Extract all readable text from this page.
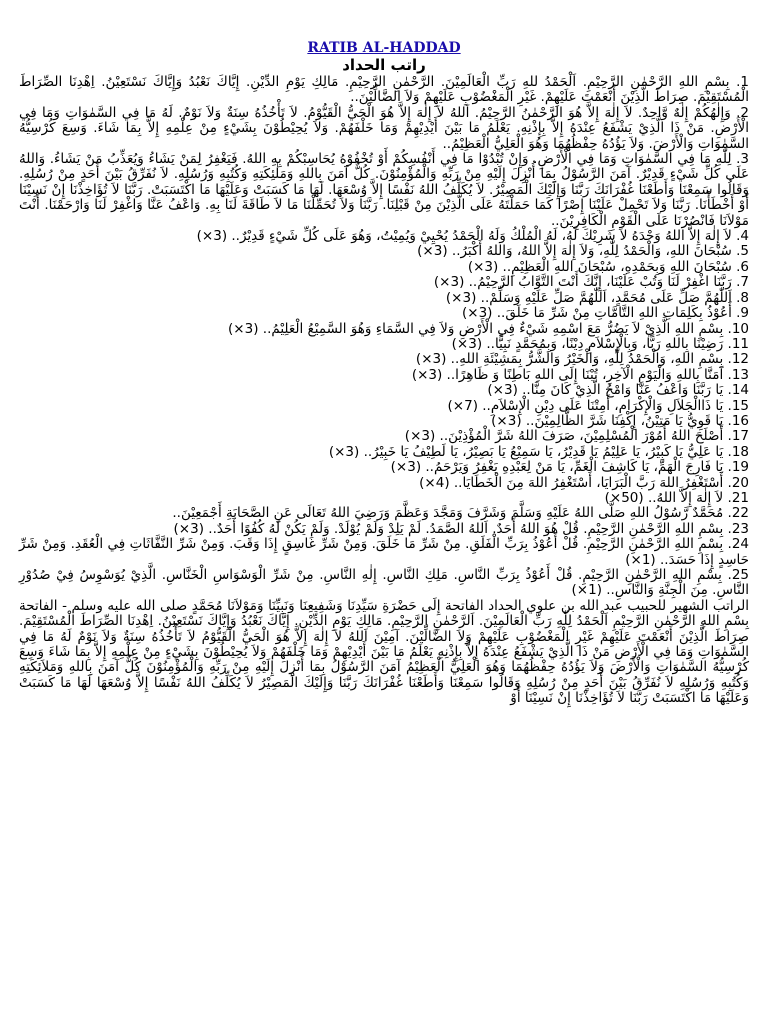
RATIB AL-HADDAD
راتب الحداد

1. بِسْمِ اللهِ الرَّحْمٰنِ الرَّحِيْمِ. اَلْحَمْدُ للهِ رَبِّ الْعَالَمِيْنَ. الرَّحْمٰنِ الرَّحِيْمِ. مَالِكِ يَوْمِ الدِّيْنِ. إِيَّاكَ نَعْبُدُ وَإِيَّاكَ نَسْتَعِيْنُ. اِهْدِنَا الصِّرَاطَ الْمُسْتَقِيْمَ. صِرَاطَ الَّذِيْنَ أَنْعَمْتَ عَلَيْهِمْ. غَيْرِ الْمَغْضُوْبِ عَلَيْهِمْ وَلاَ الضَّالِّيْنَ..

2. وَإِلٰهُكُمْ إِلٰهٌ وَّاحِدٌ. لاَ إِلٰهَ إِلاَّ هُوَ الرَّحْمٰنُ الرَّحِيْمُ. اَللهُ لاَ إِلٰهَ إِلاَّ هُوَ الْحَيُّ الْقَيُّوْمُ. لاَ تَأْخُذُهُ سِنَةٌ وَلاَ نَوْمٌ. لَهُ مَا فِي السَّمٰوَاتِ وَمَا فِي الْأَرْضِ. مَنْ ذَا الَّذِيْ يَشْفَعُ عِنْدَهُ إِلاَّ بِإِذْنِهِ. يَعْلَمُ مَا بَيْنَ أَيْدِيْهِمْ وَمَا خَلْفَهُمْ. وَلاَ يُحِيْطُوْنَ بِشَيْءٍ مِنْ عِلْمِهِ إِلاَّ بِمَا شَاءَ. وَسِعَ كُرْسِيُّهُ السَّمٰوَاتِ وَالْأَرْضَ. وَلاَ يَؤُدُهُ حِفْظُهُمَا وَهُوَ الْعَلِيُّ الْعَظِيْمُ..

3. لِلّٰهِ مَا فِي السَّمٰوَاتِ وَمَا فِي الْأَرْضِ. وَإِنْ تُبْدُوْا مَا فِي أَنْفُسِكُمْ أَوْ تُخْفُوْهُ يُحَاسِبْكُمْ بِهِ اللهُ. فَيَغْفِرُ لِمَنْ يَشَاءُ وَيُعَذِّبُ مَنْ يَشَاءُ. وَاللهُ عَلَى كُلِّ شَيْءٍ قَدِيْرٌ. آمَنَ الرَّسُوْلُ بِمَا أُنْزِلَ إِلَيْهِ مِنْ رَبِّهِ وَالْمُؤْمِنُوْنَ. كُلٌّ آمَنَ بِاللهِ وَمَلٰئِكَتِهِ وَكُتُبِهِ وَرُسُلِهِ. لاَ نُفَرِّقُ بَيْنَ أَحَدٍ مِنْ رُسُلِهِ. وَقَالُوا سَمِعْنَا وَأَطَعْنَا غُفْرَانَكَ رَبَّنَا وَإِلَيْكَ الْمَصِيْرُ. لاَ يُكَلِّفُ اللهُ نَفْسًا إِلاَّ وُسْعَهَا. لَهَا مَا كَسَبَتْ وَعَلَيْهَا مَا اكْتَسَبَتْ. رَبَّنَا لاَ تُؤَاخِذْنَا إِنْ نَسِيْنَا أَوْ أَخْطَأْنَا. رَبَّنَا وَلاَ تَحْمِلْ عَلَيْنَا إِصْرًا كَمَا حَمَلْتَهُ عَلَى الَّذِيْنَ مِنْ قَبْلِنَا. رَبَّنَا وَلاَ تُحَمِّلْنَا مَا لاَ طَاقَةَ لَنَا بِهِ. وَاعْفُ عَنَّا وَاغْفِرْ لَنَا وَارْحَمْنَا. أَنْتَ مَوْلاَنَا فَانْصُرْنَا عَلَى الْقَوْمِ الْكَافِرِيْنَ..

4. لاَ إِلٰهَ إِلاَّ اللهُ وَحْدَهُ لاَ شَرِيْكَ لَهُ، لَهُ الْمُلْكُ وَلَهُ الْحَمْدُ يُحْيِيْ وَيُمِيْتُ، وَهُوَ عَلَى كُلِّ شَيْءٍ قَدِيْرٌ.. (3×)

5. سُبْحَانَ اللهِ، وَالْحَمْدُ لِلّٰهِ، وَلاَ إِلٰهَ إِلاَّ اللهُ، وَاللهُ أَكْبَرُ.. (3×)

6. سُبْحَانَ اللهِ وَبِحَمْدِهِ، سُبْحَانَ اللهِ الْعَظِيْمِ.. (3×)

7. رَبَّنَا اغْفِرْ لَنَا وَتُبْ عَلَيْنَا، إِنَّكَ أَنْتَ التَّوَّابُ الرَّحِيْمُ.. (3×)

8. اَللّٰهُمَّ صَلِّ عَلَى مُحَمَّدٍ، اَللّٰهُمَّ صَلِّ عَلَيْهِ وَسَلِّمْ.. (3×)

9. أَعُوْذُ بِكَلِمَاتِ اللهِ التَّامَّاتِ مِنْ شَرِّ مَا خَلَقَ.. (3×)

10. بِسْمِ اللهِ الَّذِيْ لاَ يَضُرُّ مَعَ اسْمِهِ شَيْءٌ فِي الْأَرْضِ وَلاَ فِي السَّمَاءِ وَهُوَ السَّمِيْعُ الْعَلِيْمُ.. (3×)

11. رَضِيْنَا بِاللهِ رَبًّا، وَبِالْإِسْلاَمِ دِيْنًا، وَبِمُحَمَّدٍ نَبِيًّا.. (3×)

12. بِسْمِ اللهِ، وَالْحَمْدُ لِلّٰهِ، وَالْخَيْرُ وَالشَّرُّ بِمَشِيْئَةِ اللهِ.. (3×)

13. آمَنَّا بِاللهِ وَالْيَوْمِ الْآخِرِ، تُبْنَا إِلَى اللهِ بَاطِنًا وَ ظَاهِرًا.. (3×)

14. يَا رَبَّنَا وَاعْفُ عَنَّا وَامْحُ الَّذِيْ كَانَ مِنَّا.. (3×)

15. يَا ذَاالْجَلاَلِ وَالْإِكْرَامِ، أَمِتْنَا عَلَى دِيْنِ الْإِسْلاَمِ.. (7×)

16. يَا قَوِيُّ يَا مَتِيْنُ، إِكْفِنَا شَرَّ الظَّالِمِيْنَ.. (3×)

17. أَصْلَحَ اللهُ أُمُوْرَ الْمُسْلِمِيْنَ، صَرَفَ اللهُ شَرَّ الْمُؤْذِيْنَ.. (3×)

18. يَا عَلِيُّ يَا كَبِيْرُ، يَا عَلِيْمُ يَا قَدِيْرُ، يَا سَمِيْعُ يَا بَصِيْرُ، يَا لَطِيْفُ يَا خَبِيْرُ.. (3×)

19. يَا فَارِجَ الْهَمِّ، يَا كَاشِفَ الْغَمِّ، يَا مَنْ لِعَبْدِهِ يَغْفِرُ وَيَرْحَمُ.. (3×)

20. أَسْتَغْفِرُ اللهَ رَبَّ الْبَرَايَا، أَسْتَغْفِرُ اللهَ مِنَ الْخَطَايَا.. (4×)

21. لاَ إِلٰهَ إِلاَّ اللهُ.. (50×)

22. مُحَمَّدٌ رَّسُوْلُ اللهِ صَلَّى اللهُ عَلَيْهِ وَسَلَّمَ وَشَرَّفَ وَمَجَّدَ وَعَظَّمَ وَرَضِيَ اللهُ تَعَالَى عَنِ الصَّحَابَةِ أَجْمَعِيْنَ..

23. بِسْمِ اللهِ الرَّحْمٰنِ الرَّحِيْمِ. قُلْ هُوَ اللهُ أَحَدٌ. اَللهُ الصَّمَدُ. لَمْ يَلِدْ وَلَمْ يُوْلَدْ. وَلَمْ يَكُنْ لَهُ كُفُوًا أَحَدٌ.. (3×)

24. بِسْمِ اللهِ الرَّحْمٰنِ الرَّحِيْمِ. قُلْ أَعُوْذُ بِرَبِّ الْفَلَقِ. مِنْ شَرِّ مَا خَلَقَ. وَمِنْ شَرِّ غَاسِقٍ إِذَا وَقَبَ. وَمِنْ شَرِّ النَّفَّاثَاتِ فِي الْعُقَدِ. وَمِنْ شَرِّ حَاسِدٍ إِذَا حَسَدَ.. (1×)

25. بِسْمِ اللهِ الرَّحْمٰنِ الرَّحِيْمِ. قُلْ أَعُوْذُ بِرَبِّ النَّاسِ. مَلِكِ النَّاسِ. إِلٰهِ النَّاسِ. مِنْ شَرِّ الْوَسْوَاسِ الْخَنَّاسِ. الَّذِيْ يُوَسْوِسُ فِيْ صُدُوْرِ النَّاسِ. مِنَ الْجِنَّةِ وَالنَّاسِ.. (1×)

الراتب الشهير للحبيب عبد الله بن علوي الحداد الفاتحة إِلَى حَضْرَةِ سَيِّدِنَا وَشَفِيعِنَا وَنَبِيِّنَا وَمَوْلاَنَا مُحَمَّدٍ صلى الله عليه وسلم - الفاتحة بِسْمِ اللهِ الرَّحْمٰنِ الرَّحِيْمِ اَلْحَمْدُ لِلّٰهِ رَبِّ الْعَالَمِيْنَ. اَلرَّحْمٰنِ الرَّحِيْمِ. مَالِكِ يَوْمِ الدِّيْنِ. إِيَّاكَ نَعْبُدُ وَإِيَّاكَ نَسْتَعِيْنُ. اِهْدِنَا الصِّرَاطَ الْمُسْتَقِيْمَ. صِرَاطَ الَّذِيْنَ أَنْعَمْتَ عَلَيْهِمْ غَيْرِ الْمَغْضُوْبِ عَلَيْهِمْ وَلاَ الضَّالِّيْنَ. آمِيْنَ اَللهُ لاَ إِلٰهَ إِلاَّ هُوَ الْحَيُّ الْقَيُّوْمُ لاَ تَأْخُذُهُ سِنَةٌ وَلاَ نَوْمٌ لَهُ مَا فِي السَّمٰوَاتِ وَمَا فِي الْأَرْضِ مَنْ ذَا الَّذِيْ يَشْفَعُ عِنْدَهُ إِلاَّ بِإِذْنِهِ يَعْلَمُ مَا بَيْنَ أَيْدِيْهِمْ وَمَا خَلْفَهُمْ وَلاَ يُحِيْطُوْنَ بِشَيْءٍ مِنْ عِلْمِهِ إِلاَّ بِمَا شَاءَ وَسِعَ كُرْسِيُّهُ السَّمٰوَاتِ وَالْأَرْضَ وَلاَ يَؤُدُهُ حِفْظُهُمَا وَهُوَ الْعَلِيُّ الْعَظِيْمُ آمَنَ الرَّسُوْلُ بِمَا أُنْزِلَ إِلَيْهِ مِنْ رَبِّهِ وَالْمُؤْمِنُوْنَ كُلٌّ آمَنَ بِاللهِ وَمَلاَئِكَتِهِ وَكُتُبِهِ وَرُسُلِهِ لاَ نُفَرِّقُ بَيْنَ أَحَدٍ مِنْ رُسُلِهِ وَقَالُوا سَمِعْنَا وَأَطَعْنَا غُفْرَانَكَ رَبَّنَا وَإِلَيْكَ الْمَصِيْرُ لاَ يُكَلِّفُ اللهُ نَفْسًا إِلاَّ وُسْعَهَا لَهَا مَا كَسَبَتْ وَعَلَيْهَا مَا اكْتَسَبَتْ رَبَّنَا لاَ تُؤَاخِذْنَا إِنْ نَسِيْنَا أَوْ
